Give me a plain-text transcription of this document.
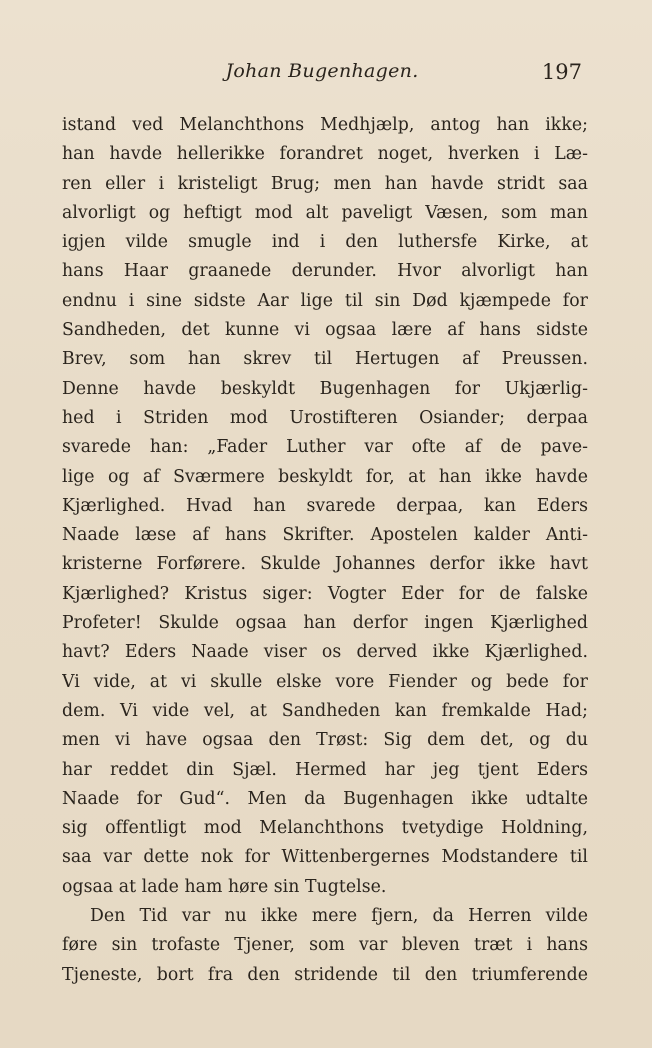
Johan Bugenhagen.	197
istand ved Melanchthons Medhjælp, antog han ikke;
han havde hellerikke forandret noget, hverken i Læ-
ren eller i kristeligt Brug; men han havde stridt saa
alvorligt og heftigt mod alt paveligt Væsen, som man
igjen vilde smugle ind i den luthersfe Kirke, at
hans Haar graanede derunder. Hvor alvorligt han
endnu i sine sidste Aar lige til sin Død kjæmpede for
Sandheden, det kunne vi ogsaa lære af hans sidste
Brev, som han skrev til Hertugen af Preussen.
Denne havde beskyldt Bugenhagen for Ukjærlig-
hed i Striden mod Urostifteren Osiander; derpaa
svarede han: „Fader Luther var ofte af de pave-
lige og af Sværmere beskyldt for, at han ikke havde
Kjærlighed. Hvad han svarede derpaa, kan Eders
Naade læse af hans Skrifter. Apostelen kalder Anti-
kristerne Forførere. Skulde Johannes derfor ikke havt
Kjærlighed? Kristus siger: Vogter Eder for de falske
Profeter! Skulde ogsaa han derfor ingen Kjærlighed
havt? Eders Naade viser os derved ikke Kjærlighed.
Vi vide, at vi skulle elske vore Fiender og bede for
dem. Vi vide vel, at Sandheden kan fremkalde Had;
men vi have ogsaa den Trøst: Sig dem det, og du
har reddet din Sjæl. Hermed har jeg tjent Eders
Naade for Gud“. Men da Bugenhagen ikke udtalte
sig offentligt mod Melanchthons tvetydige Holdning,
saa var dette nok for Wittenbergernes Modstandere til
ogsaa at lade ham høre sin Tugtelse.
Den Tid var nu ikke mere fjern, da Herren vilde
føre sin trofaste Tjener, som var bleven træt i hans
Tjeneste, bort fra den stridende til den triumferende
